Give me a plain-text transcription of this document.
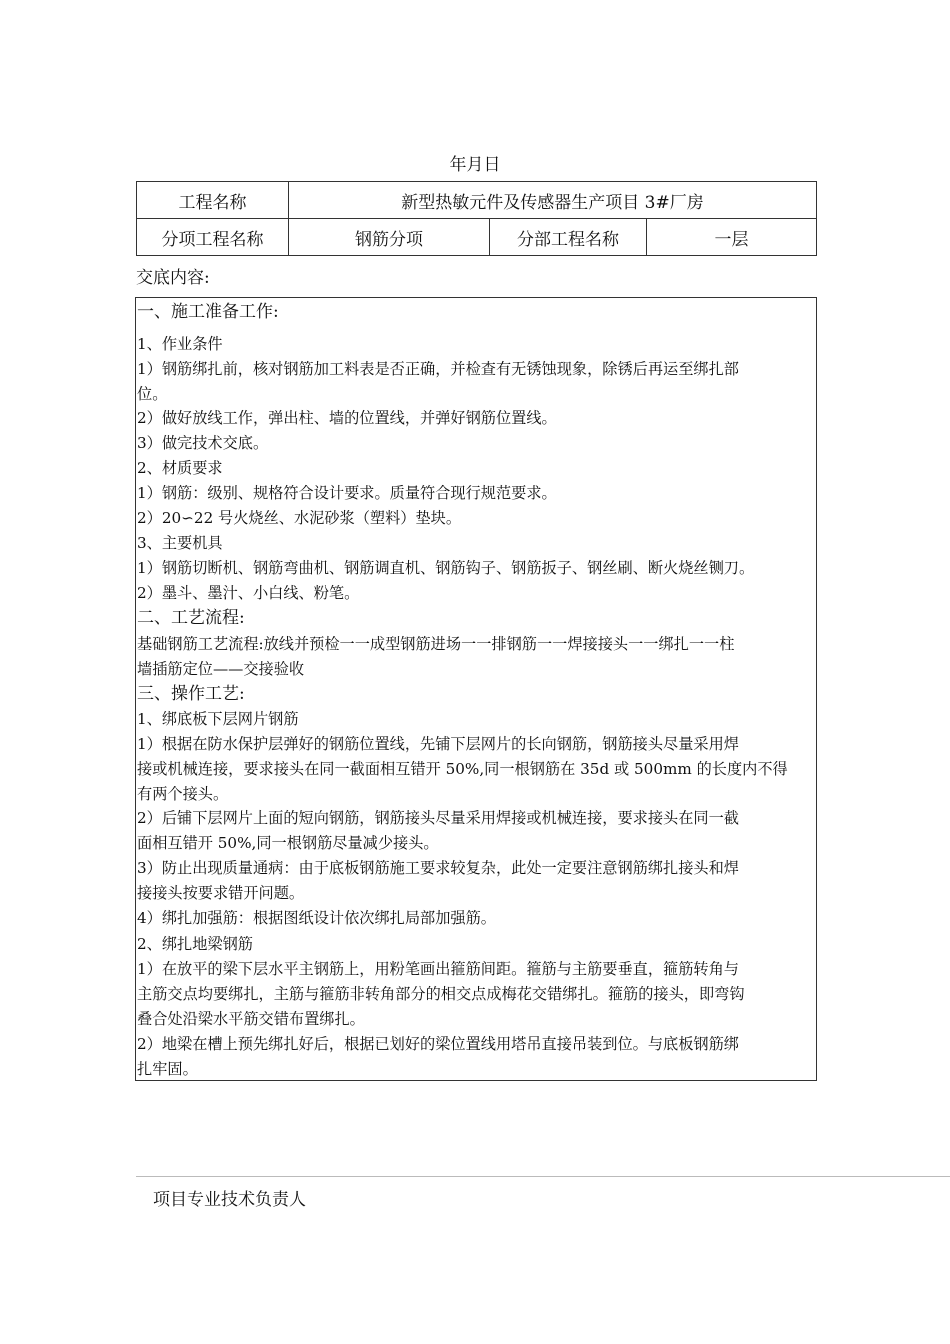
年月日
工程名称	新型热敏元件及传感器生产项目 3#厂房		
分项工程名称	钢筋分项	分部工程名称	一层
交底内容:
一、施工准备工作:
1、作业条件
1）钢筋绑扎前，核对钢筋加工料表是否正确，并检查有无锈蚀现象，除锈后再运至绑扎部
位。
2）做好放线工作，弹出柱、墙的位置线，并弹好钢筋位置线。
3）做完技术交底。
2、材质要求
1）钢筋：级别、规格符合设计要求。质量符合现行规范要求。
2）20∽22 号火烧丝、水泥砂浆（塑料）垫块。
3、主要机具
1）钢筋切断机、钢筋弯曲机、钢筋调直机、钢筋钩子、钢筋扳子、钢丝刷、断火烧丝铡刀。
2）墨斗、墨汁、小白线、粉笔。
二、工艺流程:
基础钢筋工艺流程:放线并预检一一成型钢筋进场一一排钢筋一一焊接接头一一绑扎一一柱
墙插筋定位——交接验收
三、操作工艺:
1、绑底板下层网片钢筋
1）根据在防水保护层弹好的钢筋位置线，先铺下层网片的长向钢筋，钢筋接头尽量采用焊
接或机械连接，要求接头在同一截面相互错开 50%,同一根钢筋在 35d 或 500mm 的长度内不得
有两个接头。
2）后铺下层网片上面的短向钢筋，钢筋接头尽量采用焊接或机械连接，要求接头在同一截
面相互错开 50%,同一根钢筋尽量减少接头。
3）防止出现质量通病：由于底板钢筋施工要求较复杂，此处一定要注意钢筋绑扎接头和焊
接接头按要求错开问题。
4）绑扎加强筋：根据图纸设计依次绑扎局部加强筋。
2、绑扎地梁钢筋
1）在放平的梁下层水平主钢筋上，用粉笔画出箍筋间距。箍筋与主筋要垂直，箍筋转角与
主筋交点均要绑扎，主筋与箍筋非转角部分的相交点成梅花交错绑扎。箍筋的接头，即弯钩
叠合处沿梁水平筋交错布置绑扎。
2）地梁在槽上预先绑扎好后，根据已划好的梁位置线用塔吊直接吊装到位。与底板钢筋绑
扎牢固。
项目专业技术负责人
